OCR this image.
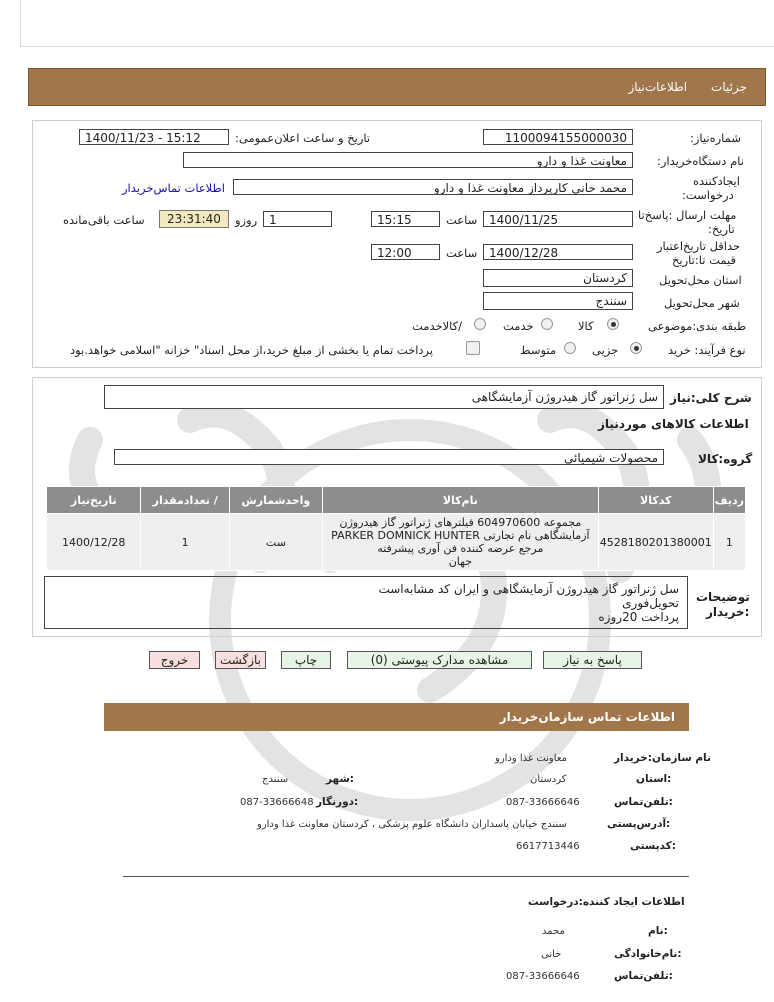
جزئیات
اطلاعات‌نیاز
شماره‌نیاز:
1100094155000030
تاریخ و ساعت اعلان‌عمومی:
1400/11/23 - 15:12
نام دستگاه‌خریدار:
معاونت غذا و دارو
ایجادکننده
درخواست:
محمد خانی کارپرداز معاونت غذا و دارو
اطلاعات تماس‌خریدار
مهلت ارسال :پاسخ‌تا
تاریخ:
1400/11/25
ساعت
15:15
1
روزو
23:31:40
ساعت باقی‌مانده
حداقل تاریخ‌اعتبار
قیمت تا:تاریخ
1400/12/28
ساعت
12:00
استان محل‌تحویل
کردستان
شهر محل‌تحویل
سنندج
طبقه بندی:موضوعی
کالا
خدمت
/کالاخدمت
نوع فرآیند: خرید
جزیی
متوسط
پرداخت تمام یا بخشی از مبلغ خرید،از محل اسناد" خزانه "اسلامی خواهد.بود
شرح کلی:نیاز
سل ژنراتور گاز هیدروژن آزمایشگاهی
اطلاعات کالاهای موردنیاز
گروه:کالا
محصولات شیمیائی
ردیف	کدکالا	نام‌کالا	واحدشمارش	/ تعدادمقدار	تاریخ‌نیاز
1	4528180201380001	مجموعه 604970600 فیلترهای ژنراتور گاز هیدروژن
آزمایشگاهی نام تجارتی PARKER DOMNICK HUNTER
مرجع عرضه کننده فن آوری پیشرفته
جهان	ست	1	1400/12/28
توضیحات
:خریدار
سل ژنراتور گاز هیدروژن آزمایشگاهی و ایران کد مشابه‌است
تحویل‌فوری
پرداخت 20روزه
پاسخ به نیاز
مشاهده مدارک پیوستی (0)
چاپ
بازگشت
خروج
اطلاعات تماس سازمان‌خریدار
نام سازمان:خریدار
معاونت غذا ودارو
:استان
کردستان
:شهر
سنندج
:تلفن‌تماس
087-33666646
:دورنگار
087-33666648
:آدرس‌پستی
سنندج خیابان پاسداران دانشگاه علوم پزشکی ، کردستان معاونت غذا ودارو
:کدپستی
6617713446
اطلاعات ایجاد کننده:درخواست
:نام
محمد
:نام‌خانوادگی
خانی
:تلفن‌تماس
087-33666646
